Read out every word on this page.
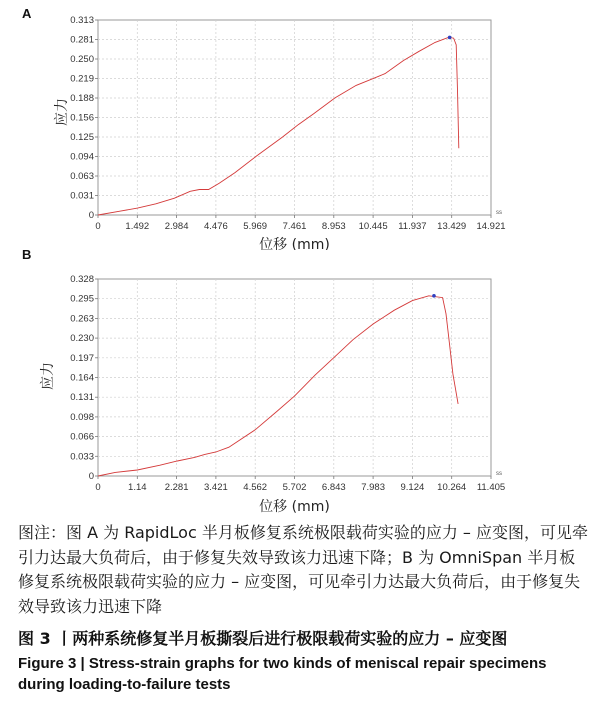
A
0
0.031
0.063
0.094
0.125
0.156
0.188
0.219
0.250
0.281
0.313
0	1.492 2.984 4.476 5.969 7.461 8.953 10.445 11.937 13.429 14.921
ss
位移 (mm)
应力
B
0
0.033
0.066
0.098
0.131
0.164
0.197
0.230
0.263
0.295
0.328
0	1.14 2.281 3.421 4.562 5.702 6.843 7.983 9.124 10.264 11.405
ss
位移 (mm)
应力
图注：图 A 为 RapidLoc 半月板修复系统极限载荷实验的应力 – 应变图，可见牵引力达最大负荷后，由于修复失效导致该力迅速下降；B 为 OmniSpan 半月板修复系统极限载荷实验的应力 – 应变图，可见牵引力达最大负荷后，由于修复失效导致该力迅速下降
图 3 丨两种系统修复半月板撕裂后进行极限载荷实验的应力 – 应变图
Figure 3 | Stress-strain graphs for two kinds of meniscal repair specimens during loading-to-failure tests
